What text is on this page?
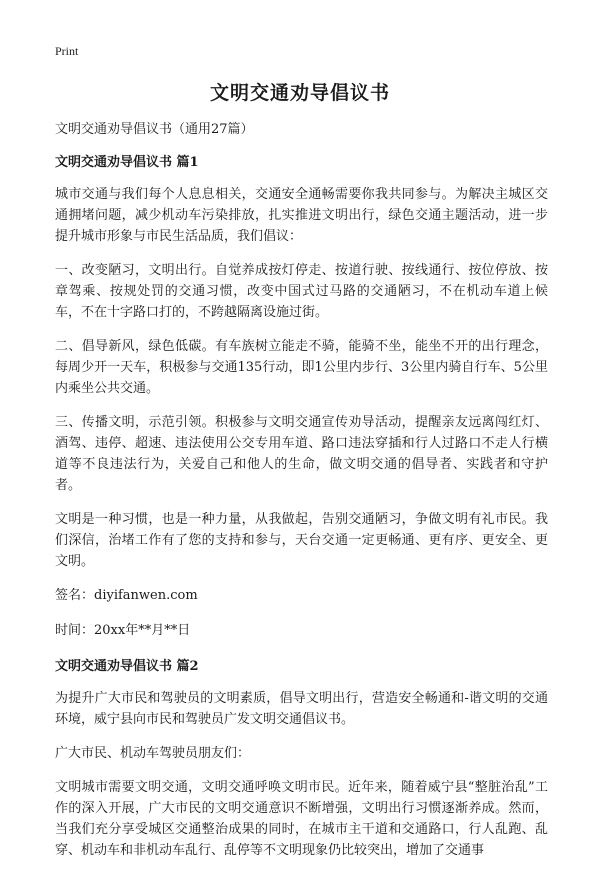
Print
文明交通劝导倡议书
文明交通劝导倡议书（通用27篇）
文明交通劝导倡议书 篇1

城市交通与我们每个人息息相关，交通安全通畅需要你我共同参与。为解决主城区交通拥堵问题，减少机动车污染排放，扎实推进文明出行，绿色交通主题活动，进一步提升城市形象与市民生活品质，我们倡议：

一、改变陋习，文明出行。自觉养成按灯停走、按道行驶、按线通行、按位停放、按章驾乘、按规处罚的交通习惯，改变中国式过马路的交通陋习，不在机动车道上候车，不在十字路口打的，不跨越隔离设施过街。

二、倡导新风，绿色低碳。有车族树立能走不骑，能骑不坐，能坐不开的出行理念，每周少开一天车，积极参与交通135行动，即1公里内步行、3公里内骑自行车、5公里内乘坐公共交通。

三、传播文明，示范引领。积极参与文明交通宣传劝导活动，提醒亲友远离闯红灯、酒驾、违停、超速、违法使用公交专用车道、路口违法穿插和行人过路口不走人行横道等不良违法行为，关爱自己和他人的生命，做文明交通的倡导者、实践者和守护者。

文明是一种习惯，也是一种力量，从我做起，告别交通陋习，争做文明有礼市民。我们深信，治堵工作有了您的支持和参与，天台交通一定更畅通、更有序、更安全、更文明。

签名：diyifanwen.com

时间：20xx年**月**日

文明交通劝导倡议书 篇2

为提升广大市民和驾驶员的文明素质，倡导文明出行，营造安全畅通和-谐文明的交通环境，威宁县向市民和驾驶员广发文明交通倡议书。

广大市民、机动车驾驶员朋友们：

文明城市需要文明交通，文明交通呼唤文明市民。近年来，随着威宁县“整脏治乱”工作的深入开展，广大市民的文明交通意识不断增强，文明出行习惯逐渐养成。然而，当我们充分享受城区交通整治成果的同时，在城市主干道和交通路口，行人乱跑、乱穿、机动车和非机动车乱行、乱停等不文明现象仍比较突出，增加了交通事
